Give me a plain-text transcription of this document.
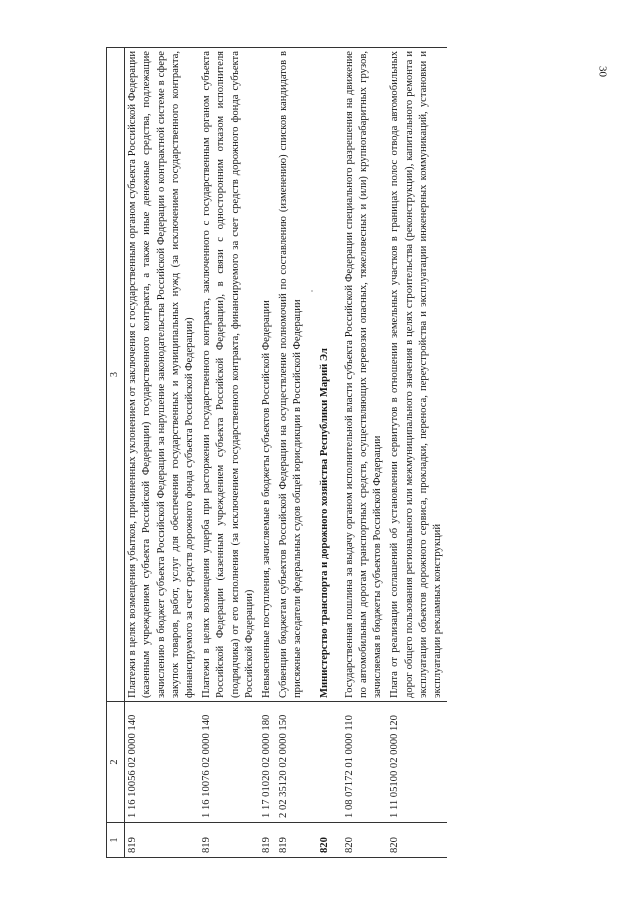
30
1	2	3
819	1 16 10056 02 0000 140	Платежи в целях возмещения убытков, причиненных уклонением от заключения с государственным органом субъекта Российской Федерации (казенным учреждением субъекта Российской Федерации) государственного контракта, а также иные денежные средства, подлежащие зачислению в бюджет субъекта Российской Федерации за нарушение законодательства Российской Федерации о контрактной системе в сфере закупок товаров, работ, услуг для обеспечения государственных и муниципальных нужд (за исключением государственного контракта, финансируемого за счет средств дорожного фонда субъекта Российской Федерации)
819	1 16 10076 02 0000 140	Платежи в целях возмещения ущерба при расторжении государственного контракта, заключенного с государственным органом субъекта Российской Федерации (казенным учреждением субъекта Российской Федерации), в связи с односторонним отказом исполнителя (подрядчика) от его исполнения (за исключением государственного контракта, финансируемого за счет средств дорожного фонда субъекта Российской Федерации)
819	1 17 01020 02 0000 180	Невыясненные поступления, зачисляемые в бюджеты субъектов Российской Федерации
819	2 02 35120 02 0000 150	Субвенции бюджетам субъектов Российской Федерации на осуществление полномочий по составлению (изменению) списков кандидатов в присяжные заседатели федеральных судов общей юрисдикции в Российской Федерации
820		Министерство транспорта и дорожного хозяйства Республики Марий Эл
820	1 08 07172 01 0000 110	Государственная пошлина за выдачу органом исполнительной власти субъекта Российской Федерации специального разрешения на движение по автомобильным дорогам транспортных средств, осуществляющих перевозки опасных, тяжеловесных и (или) крупногабаритных грузов, зачисляемая в бюджеты субъектов Российской Федерации
820	1 11 05100 02 0000 120	Плата от реализации соглашений об установлении сервитутов в отношении земельных участков в границах полос отвода автомобильных дорог общего пользования регионального или межмуниципального значения в целях строительства (реконструкции), капитального ремонта и эксплуатации объектов дорожного сервиса, прокладки, переноса, переустройства и эксплуатации инженерных коммуникаций, установки и эксплуатации рекламных конструкций
